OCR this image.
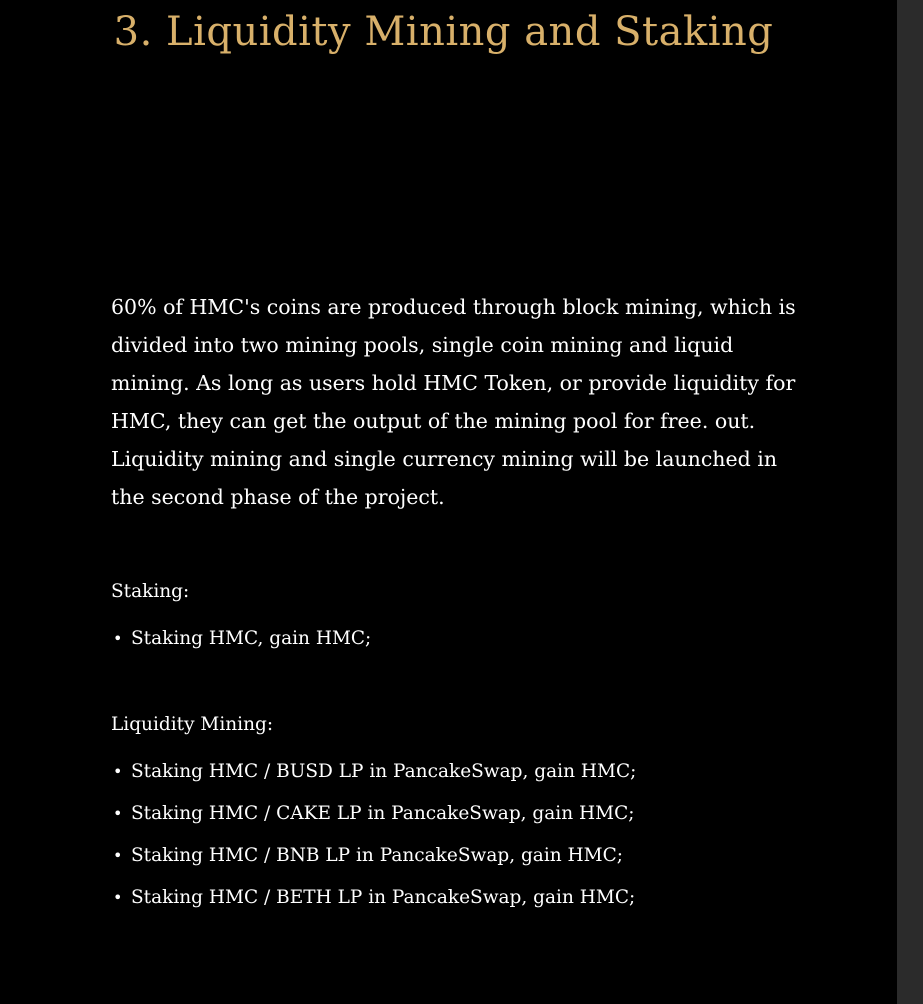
3. Liquidity Mining and Staking

60% of HMC's coins are produced through block mining, which is divided into two mining pools, single coin mining and liquid mining. As long as users hold HMC Token, or provide liquidity for HMC, they can get the output of the mining pool for free. out. Liquidity mining and single currency mining will be launched in the second phase of the project.

Staking:

• Staking HMC, gain HMC;

Liquidity Mining:

• Staking HMC / BUSD LP in PancakeSwap, gain HMC;
• Staking HMC / CAKE LP in PancakeSwap, gain HMC;
• Staking HMC / BNB LP in PancakeSwap, gain HMC;
• Staking HMC / BETH LP in PancakeSwap, gain HMC;
